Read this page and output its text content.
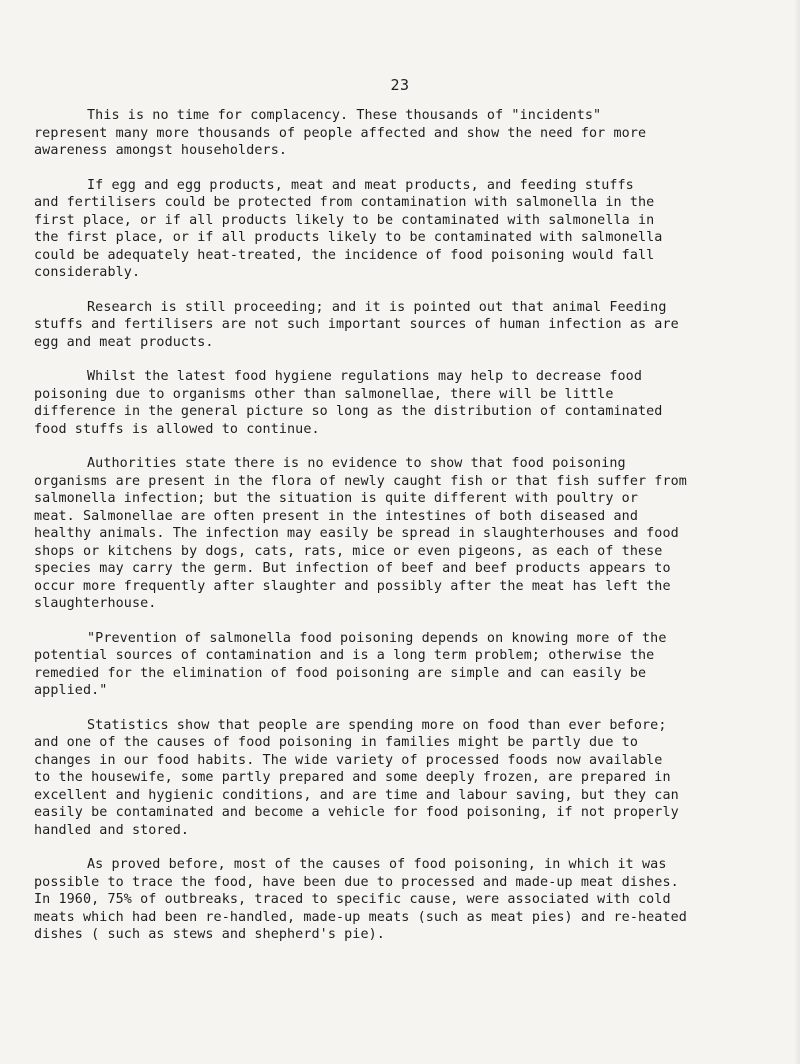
23
This is no time for complacency. These thousands of "incidents"
represent many more thousands of people affected and show the need for more
awareness amongst householders.
If egg and egg products, meat and meat products, and feeding stuffs
and fertilisers could be protected from contamination with salmonella in the
first place, or if all products likely to be contaminated with salmonella in
the first place, or if all products likely to be contaminated with salmonella
could be adequately heat-treated, the incidence of food poisoning would fall
considerably.
Research is still proceeding; and it is pointed out that animal Feeding
stuffs and fertilisers are not such important sources of human infection as are
egg and meat products.
Whilst the latest food hygiene regulations may help to decrease food
poisoning due to organisms other than salmonellae, there will be little
difference in the general picture so long as the distribution of contaminated
food stuffs is allowed to continue.
Authorities state there is no evidence to show that food poisoning
organisms are present in the flora of newly caught fish or that fish suffer from
salmonella infection; but the situation is quite different with poultry or
meat. Salmonellae are often present in the intestines of both diseased and
healthy animals. The infection may easily be spread in slaughterhouses and food
shops or kitchens by dogs, cats, rats, mice or even pigeons, as each of these
species may carry the germ. But infection of beef and beef products appears to
occur more frequently after slaughter and possibly after the meat has left the
slaughterhouse.
"Prevention of salmonella food poisoning depends on knowing more of the
potential sources of contamination and is a long term problem; otherwise the
remedied for the elimination of food poisoning are simple and can easily be
applied."
Statistics show that people are spending more on food than ever before;
and one of the causes of food poisoning in families might be partly due to
changes in our food habits. The wide variety of processed foods now available
to the housewife, some partly prepared and some deeply frozen, are prepared in
excellent and hygienic conditions, and are time and labour saving, but they can
easily be contaminated and become a vehicle for food poisoning, if not properly
handled and stored.
As proved before, most of the causes of food poisoning, in which it was
possible to trace the food, have been due to processed and made-up meat dishes.
In 1960, 75% of outbreaks, traced to specific cause, were associated with cold
meats which had been re-handled, made-up meats (such as meat pies) and re-heated
dishes ( such as stews and shepherd's pie).
